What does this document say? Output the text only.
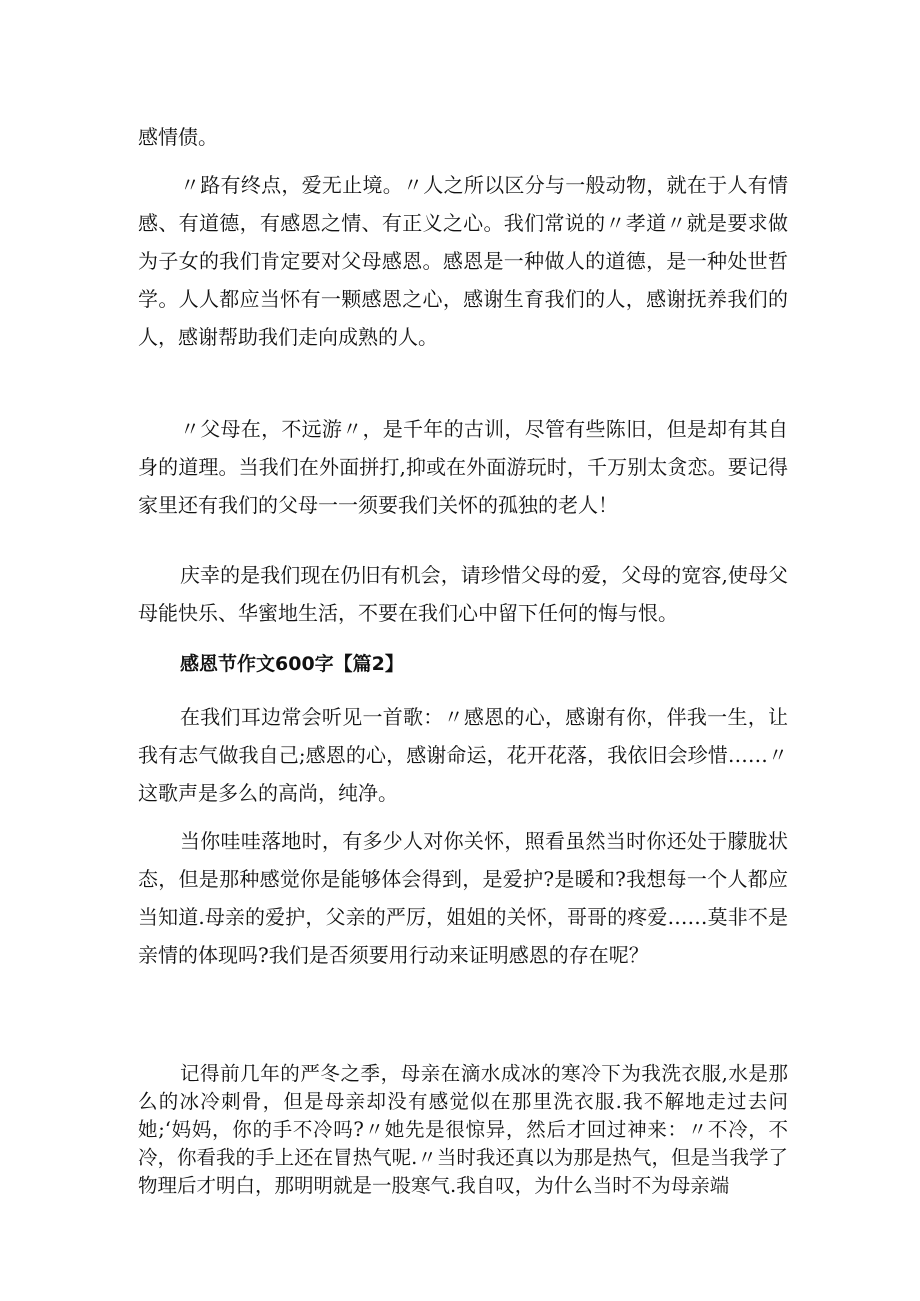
感情债。

〃路有终点，爱无止境。〃人之所以区分与一般动物，就在于人有情感、有道德，有感恩之情、有正义之心。我们常说的〃孝道〃就是要求做为子女的我们肯定要对父母感恩。感恩是一种做人的道德，是一种处世哲学。人人都应当怀有一颗感恩之心，感谢生育我们的人，感谢抚养我们的人，感谢帮助我们走向成熟的人。

〃父母在，不远游〃，是千年的古训，尽管有些陈旧，但是却有其自身的道理。当我们在外面拼打,抑或在外面游玩时，千万别太贪恋。要记得家里还有我们的父母一一须要我们关怀的孤独的老人！

庆幸的是我们现在仍旧有机会，请珍惜父母的爱，父母的宽容,使母父母能快乐、华蜜地生活，不要在我们心中留下任何的悔与恨。

感恩节作文600字【篇2】

在我们耳边常会听见一首歌：〃感恩的心，感谢有你，伴我一生，让我有志气做我自己;感恩的心，感谢命运，花开花落，我依旧会珍惜……〃这歌声是多么的高尚，纯净。

当你哇哇落地时，有多少人对你关怀，照看虽然当时你还处于朦胧状态，但是那种感觉你是能够体会得到，是爱护?是暖和?我想每一个人都应当知道.母亲的爱护，父亲的严厉，姐姐的关怀，哥哥的疼爱……莫非不是亲情的体现吗?我们是否须要用行动来证明感恩的存在呢？

记得前几年的严冬之季，母亲在滴水成冰的寒冷下为我洗衣服,水是那么的冰冷刺骨，但是母亲却没有感觉似在那里洗衣服.我不解地走过去问她;‘妈妈，你的手不冷吗?〃她先是很惊异，然后才回过神来：〃不冷，不冷，你看我的手上还在冒热气呢.〃当时我还真以为那是热气，但是当我学了物理后才明白，那明明就是一股寒气.我自叹，为什么当时不为母亲端
